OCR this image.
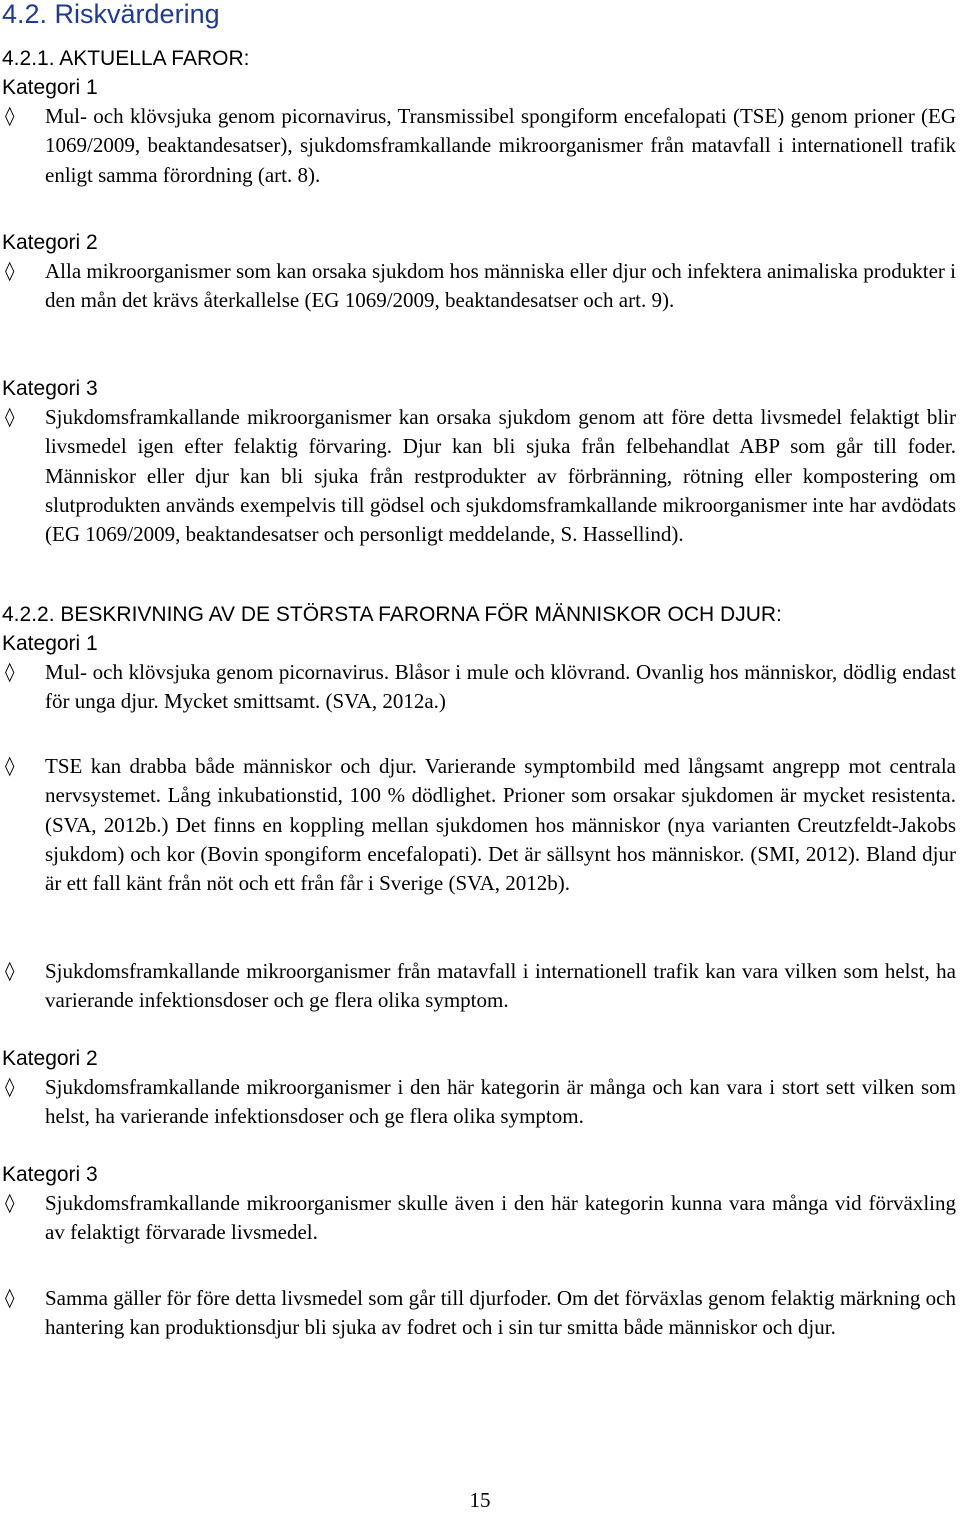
4.2. Riskvärdering
4.2.1. AKTUELLA FAROR:
Kategori 1
◊ Mul- och klövsjuka genom picornavirus, Transmissibel spongiform encefalopati (TSE) genom prioner (EG 1069/2009, beaktandesatser), sjukdomsframkallande mikroorganismer från matavfall i internationell trafik enligt samma förordning (art. 8).
Kategori 2
◊ Alla mikroorganismer som kan orsaka sjukdom hos människa eller djur och infektera animaliska produkter i den mån det krävs återkallelse (EG 1069/2009, beaktandesatser och art. 9).
Kategori 3
◊ Sjukdomsframkallande mikroorganismer kan orsaka sjukdom genom att före detta livsmedel felaktigt blir livsmedel igen efter felaktig förvaring. Djur kan bli sjuka från felbehandlat ABP som går till foder. Människor eller djur kan bli sjuka från restprodukter av förbränning, rötning eller kompostering om slutprodukten används exempelvis till gödsel och sjukdomsframkallande mikroorganismer inte har avdödats (EG 1069/2009, beaktandesatser och personligt meddelande, S. Hassellind).
4.2.2. BESKRIVNING AV DE STÖRSTA FARORNA FÖR MÄNNISKOR OCH DJUR:
Kategori 1
◊ Mul- och klövsjuka genom picornavirus. Blåsor i mule och klövrand. Ovanlig hos människor, dödlig endast för unga djur. Mycket smittsamt. (SVA, 2012a.)
◊ TSE kan drabba både människor och djur. Varierande symptombild med långsamt angrepp mot centrala nervsystemet. Lång inkubationstid, 100 % dödlighet. Prioner som orsakar sjukdomen är mycket resistenta. (SVA, 2012b.) Det finns en koppling mellan sjukdomen hos människor (nya varianten Creutzfeldt-Jakobs sjukdom) och kor (Bovin spongiform encefalopati). Det är sällsynt hos människor. (SMI, 2012). Bland djur är ett fall känt från nöt och ett från får i Sverige (SVA, 2012b).
◊ Sjukdomsframkallande mikroorganismer från matavfall i internationell trafik kan vara vilken som helst, ha varierande infektionsdoser och ge flera olika symptom.
Kategori 2
◊ Sjukdomsframkallande mikroorganismer i den här kategorin är många och kan vara i stort sett vilken som helst, ha varierande infektionsdoser och ge flera olika symptom.
Kategori 3
◊ Sjukdomsframkallande mikroorganismer skulle även i den här kategorin kunna vara många vid förväxling av felaktigt förvarade livsmedel.
◊ Samma gäller för före detta livsmedel som går till djurfoder. Om det förväxlas genom felaktig märkning och hantering kan produktionsdjur bli sjuka av fodret och i sin tur smitta både människor och djur.
15
